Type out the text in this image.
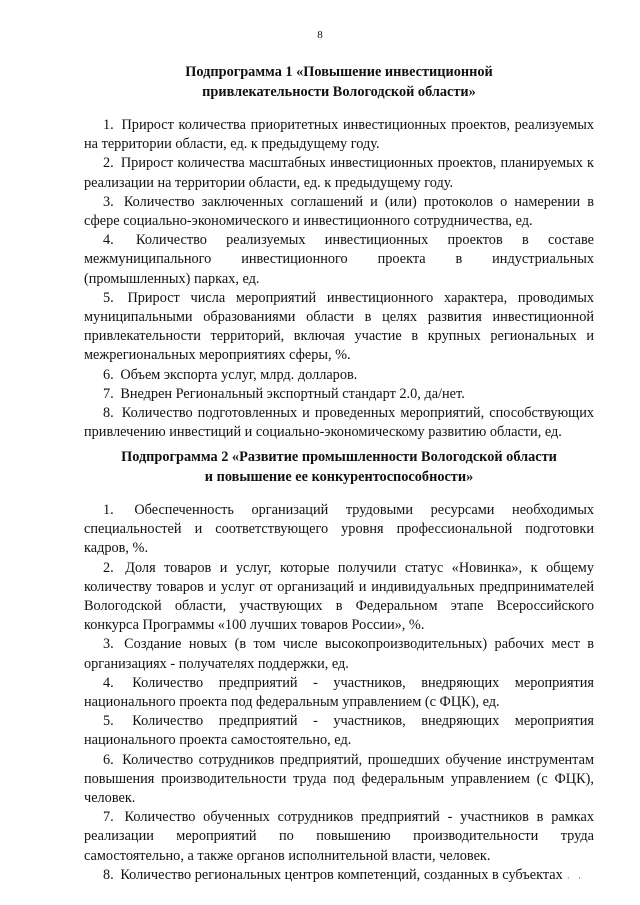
8

Подпрограмма 1 «Повышение инвестиционной
привлекательности Вологодской области»

1. Прирост количества приоритетных инвестиционных проектов, реализуемых на территории области, ед. к предыдущему году.

2. Прирост количества масштабных инвестиционных проектов, планируемых к реализации на территории области, ед. к предыдущему году.

3. Количество заключенных соглашений и (или) протоколов о намерении в сфере социально-экономического и инвестиционного сотрудничества, ед.

4. Количество реализуемых инвестиционных проектов в составе межмуниципального инвестиционного проекта в индустриальных (промышленных) парках, ед.

5. Прирост числа мероприятий инвестиционного характера, проводимых муниципальными образованиями области в целях развития инвестиционной привлекательности территорий, включая участие в крупных региональных и межрегиональных мероприятиях сферы, %.

6. Объем экспорта услуг, млрд. долларов.

7. Внедрен Региональный экспортный стандарт 2.0, да/нет.

8. Количество подготовленных и проведенных мероприятий, способствующих привлечению инвестиций и социально-экономическому развитию области, ед.

Подпрограмма 2 «Развитие промышленности Вологодской области
и повышение ее конкурентоспособности»

1. Обеспеченность организаций трудовыми ресурсами необходимых специальностей и соответствующего уровня профессиональной подготовки кадров, %.

2. Доля товаров и услуг, которые получили статус «Новинка», к общему количеству товаров и услуг от организаций и индивидуальных предпринимателей Вологодской области, участвующих в Федеральном этапе Всероссийского конкурса Программы «100 лучших товаров России», %.

3. Создание новых (в том числе высокопроизводительных) рабочих мест в организациях - получателях поддержки, ед.

4. Количество предприятий - участников, внедряющих мероприятия национального проекта под федеральным управлением (с ФЦК), ед.

5. Количество предприятий - участников, внедряющих мероприятия национального проекта самостоятельно, ед.

6. Количество сотрудников предприятий, прошедших обучение инструментам повышения производительности труда под федеральным управлением (с ФЦК), человек.

7. Количество обученных сотрудников предприятий - участников в рамках реализации мероприятий по повышению производительности труда самостоятельно, а также органов исполнительной власти, человек.

8. Количество региональных центров компетенций, созданных в субъектах

· · ·
